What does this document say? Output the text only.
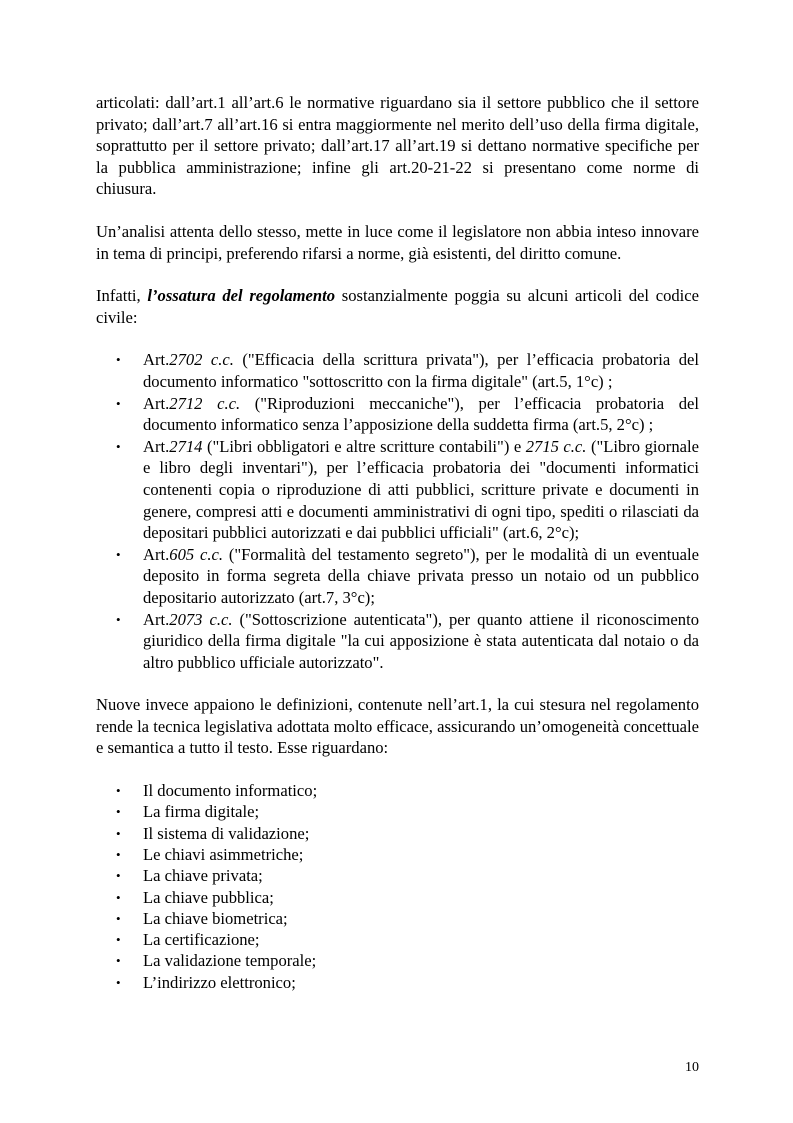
articolati: dall’art.1 all’art.6 le normative riguardano sia il settore pubblico che il settore privato; dall’art.7 all’art.16 si entra maggiormente nel merito dell’uso della firma digitale, soprattutto per il settore privato; dall’art.17 all’art.19 si dettano normative specifiche per la pubblica amministrazione; infine gli art.20-21-22 si presentano come norme di chiusura.

Un’analisi attenta dello stesso, mette in luce come il legislatore non abbia inteso innovare in tema di principi, preferendo rifarsi a norme, già esistenti, del diritto comune.

Infatti, l’ossatura del regolamento sostanzialmente poggia su alcuni articoli del codice civile:

• Art.2702 c.c. ("Efficacia della scrittura privata"), per l’efficacia probatoria del documento informatico "sottoscritto con la firma digitale" (art.5, 1°c) ;
• Art.2712 c.c. ("Riproduzioni meccaniche"), per l’efficacia probatoria del documento informatico senza l’apposizione della suddetta firma (art.5, 2°c) ;
• Art.2714 ("Libri obbligatori e altre scritture contabili") e 2715 c.c. ("Libro giornale e libro degli inventari"), per l’efficacia probatoria dei "documenti informatici contenenti copia o riproduzione di atti pubblici, scritture private e documenti in genere, compresi atti e documenti amministrativi di ogni tipo, spediti o rilasciati da depositari pubblici autorizzati e dai pubblici ufficiali" (art.6, 2°c);
• Art.605 c.c. ("Formalità del testamento segreto"), per le modalità di un eventuale deposito in forma segreta della chiave privata presso un notaio od un pubblico depositario autorizzato (art.7, 3°c);
• Art.2073 c.c. ("Sottoscrizione autenticata"), per quanto attiene il riconoscimento giuridico della firma digitale "la cui apposizione è stata autenticata dal notaio o da altro pubblico ufficiale autorizzato".

Nuove invece appaiono le definizioni, contenute nell’art.1, la cui stesura nel regolamento rende la tecnica legislativa adottata molto efficace, assicurando un’omogeneità concettuale e semantica a tutto il testo. Esse riguardano:

• Il documento informatico;
• La firma digitale;
• Il sistema di validazione;
• Le chiavi asimmetriche;
• La chiave privata;
• La chiave pubblica;
• La chiave biometrica;
• La certificazione;
• La validazione temporale;
• L’indirizzo elettronico;
10
